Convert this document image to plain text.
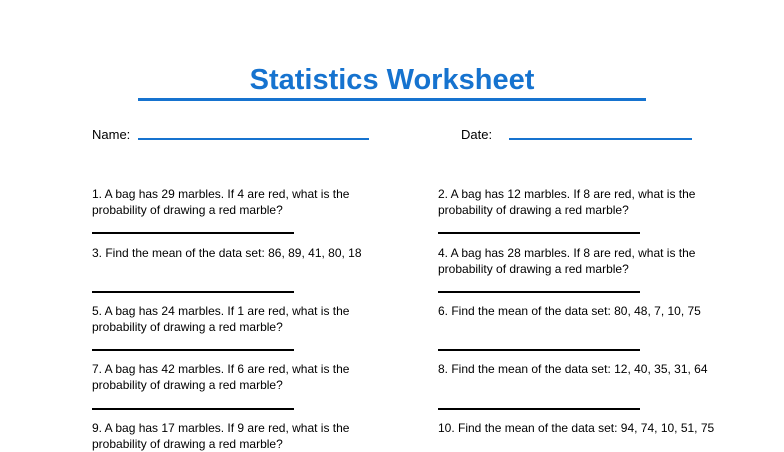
Statistics Worksheet
Name:	Date:
1. A bag has 29 marbles. If 4 are red, what is the probability of drawing a red marble?
2. A bag has 12 marbles. If 8 are red, what is the probability of drawing a red marble?
3. Find the mean of the data set: 86, 89, 41, 80, 18	4. A bag has 28 marbles. If 8 are red, what is the probability of drawing a red marble?
5. A bag has 24 marbles. If 1 are red, what is the probability of drawing a red marble?
6. Find the mean of the data set: 80, 48, 7, 10, 75
7. A bag has 42 marbles. If 6 are red, what is the probability of drawing a red marble?
8. Find the mean of the data set: 12, 40, 35, 31, 64
9. A bag has 17 marbles. If 9 are red, what is the probability of drawing a red marble?
10. Find the mean of the data set: 94, 74, 10, 51, 75
